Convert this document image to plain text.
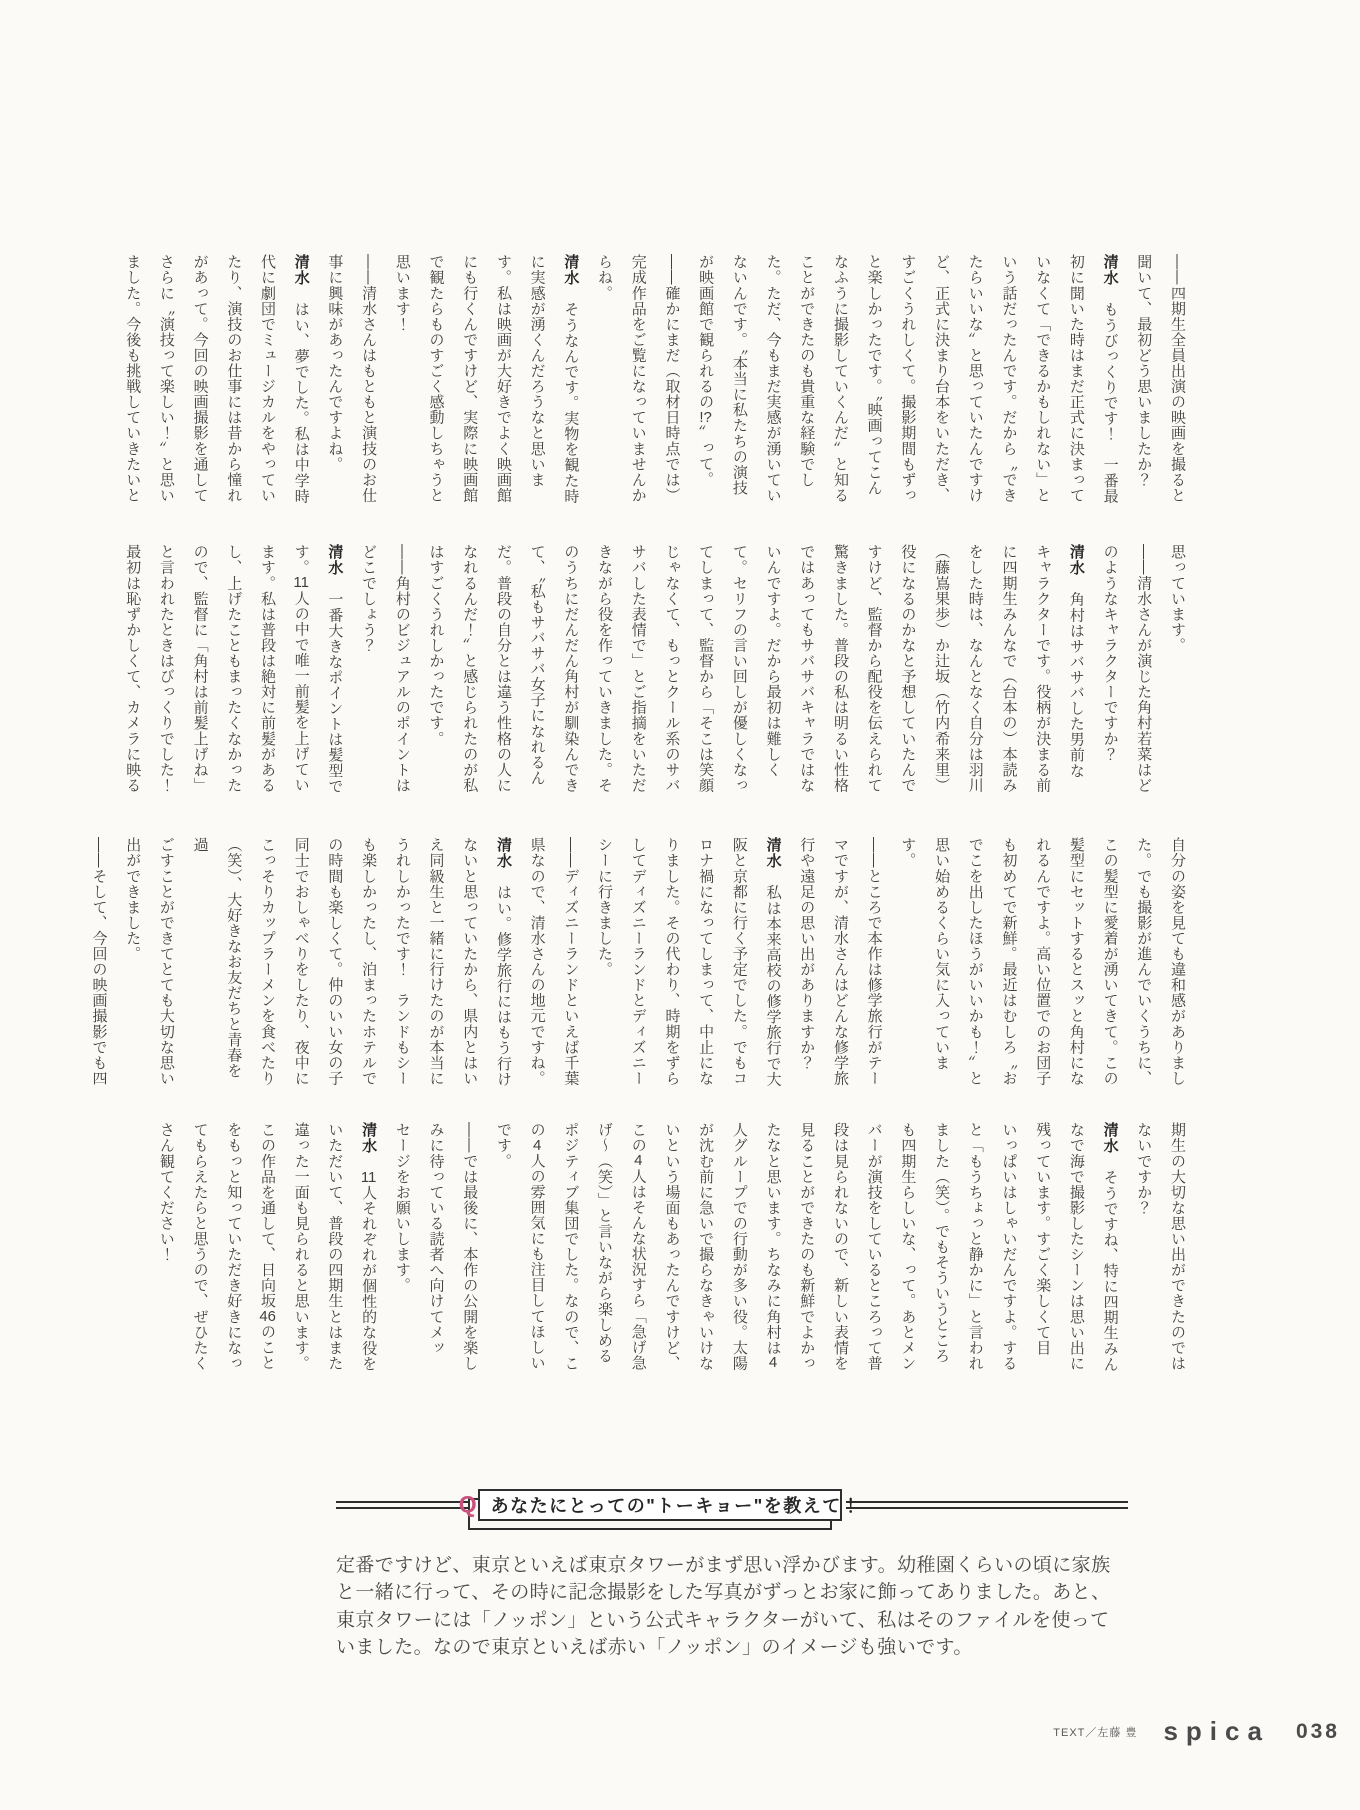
――四期生全員出演の映画を撮ると
聞いて、最初どう思いましたか？
清水　もうびっくりです！　一番最
初に聞いた時はまだ正式に決まって
いなくて「できるかもしれない」と
いう話だったんです。だから〝でき
たらいいな〟と思っていたんですけ
ど、正式に決まり台本をいただき、
すごくうれしくて。撮影期間もずっ
と楽しかったです。〝映画ってこん
なふうに撮影していくんだ〟と知る
ことができたのも貴重な経験でし
た。ただ、今もまだ実感が湧いてい
ないんです。〝本当に私たちの演技
が映画館で観られるの!?〟って。
――確かにまだ（取材日時点では）
完成作品をご覧になっていませんか
らね。
清水　そうなんです。実物を観た時
に実感が湧くんだろうなと思いま
す。私は映画が大好きでよく映画館
にも行くんですけど、実際に映画館
で観たらものすごく感動しちゃうと
思います！
――清水さんはもともと演技のお仕
事に興味があったんですよね。
清水　はい、夢でした。私は中学時
代に劇団でミュージカルをやってい
たり、演技のお仕事には昔から憧れ
があって。今回の映画撮影を通して
さらに〝演技って楽しい！〟と思い
ました。今後も挑戦していきたいと
思っています。
――清水さんが演じた角村若菜はど
のようなキャラクターですか？
清水　角村はサバサバした男前な
キャラクターです。役柄が決まる前
に四期生みんなで（台本の）本読み
をした時は、なんとなく自分は羽川
（藤嶌果歩）か辻坂（竹内希来里）
役になるのかなと予想していたんで
すけど、監督から配役を伝えられて
驚きました。普段の私は明るい性格
ではあってもサバサバキャラではな
いんですよ。だから最初は難しく
て。セリフの言い回しが優しくなっ
てしまって、監督から「そこは笑顔
じゃなくて、もっとクール系のサバ
サバした表情で」とご指摘をいただ
きながら役を作っていきました。そ
のうちにだんだん角村が馴染んでき
て、〝私もサバサバ女子になれるん
だ。普段の自分とは違う性格の人に
なれるんだ！〟と感じられたのが私
はすごくうれしかったです。
――角村のビジュアルのポイントは
どこでしょう？
清水　一番大きなポイントは髪型で
す。11人の中で唯一前髪を上げてい
ます。私は普段は絶対に前髪がある
し、上げたこともまったくなかった
ので、監督に「角村は前髪上げね」
と言われたときはびっくりでした！
最初は恥ずかしくて、カメラに映る
自分の姿を見ても違和感がありまし
た。でも撮影が進んでいくうちに、
この髪型に愛着が湧いてきて。この
髪型にセットするとスッと角村にな
れるんですよ。高い位置でのお団子
も初めてで新鮮。最近はむしろ〝お
でこを出したほうがいいかも！〟と
思い始めるくらい気に入っていま
す。
――ところで本作は修学旅行がテー
マですが、清水さんはどんな修学旅
行や遠足の思い出がありますか？
清水　私は本来高校の修学旅行で大
阪と京都に行く予定でした。でもコ
ロナ禍になってしまって、中止にな
りました。その代わり、時期をずら
してディズニーランドとディズニー
シーに行きました。
――ディズニーランドといえば千葉
県なので、清水さんの地元ですね。
清水　はい。修学旅行にはもう行け
ないと思っていたから、県内とはい
え同級生と一緒に行けたのが本当に
うれしかったです！　ランドもシー
も楽しかったし、泊まったホテルで
の時間も楽しくて。仲のいい女の子
同士でおしゃべりをしたり、夜中に
こっそりカップラーメンを食べたり
（笑）、大好きなお友だちと青春を過
ごすことができてとても大切な思い
出ができました。
――そして、今回の映画撮影でも四
期生の大切な思い出ができたのでは
ないですか？
清水　そうですね、特に四期生みん
なで海で撮影したシーンは思い出に
残っています。すごく楽しくて目
いっぱいはしゃいだんですよ。する
と「もうちょっと静かに」と言われ
ました（笑）。でもそういうところ
も四期生らしいな、って。あとメン
バーが演技をしているところって普
段は見られないので、新しい表情を
見ることができたのも新鮮でよかっ
たなと思います。ちなみに角村は4
人グループでの行動が多い役。太陽
が沈む前に急いで撮らなきゃいけな
いという場面もあったんですけど、
この4人はそんな状況すら「急げ急
げ〜（笑）」と言いながら楽しめる
ポジティブ集団でした。なので、こ
の4人の雰囲気にも注目してほしい
です。
――では最後に、本作の公開を楽し
みに待っている読者へ向けてメッ
セージをお願いします。
清水　11人それぞれが個性的な役を
いただいて、普段の四期生とはまた
違った一面も見られると思います。
この作品を通して、日向坂46のこと
をもっと知っていただき好きになっ
てもらえたらと思うので、ぜひたく
さん観てください！
Q あなたにとっての"トーキョー"を教えて！
定番ですけど、東京といえば東京タワーがまず思い浮かびます。幼稚園くらいの頃に家族
と一緒に行って、その時に記念撮影をした写真がずっとお家に飾ってありました。あと、
東京タワーには「ノッポン」という公式キャラクターがいて、私はそのファイルを使って
いました。なので東京といえば赤い「ノッポン」のイメージも強いです。
TEXT／左藤 豊 spica 038
